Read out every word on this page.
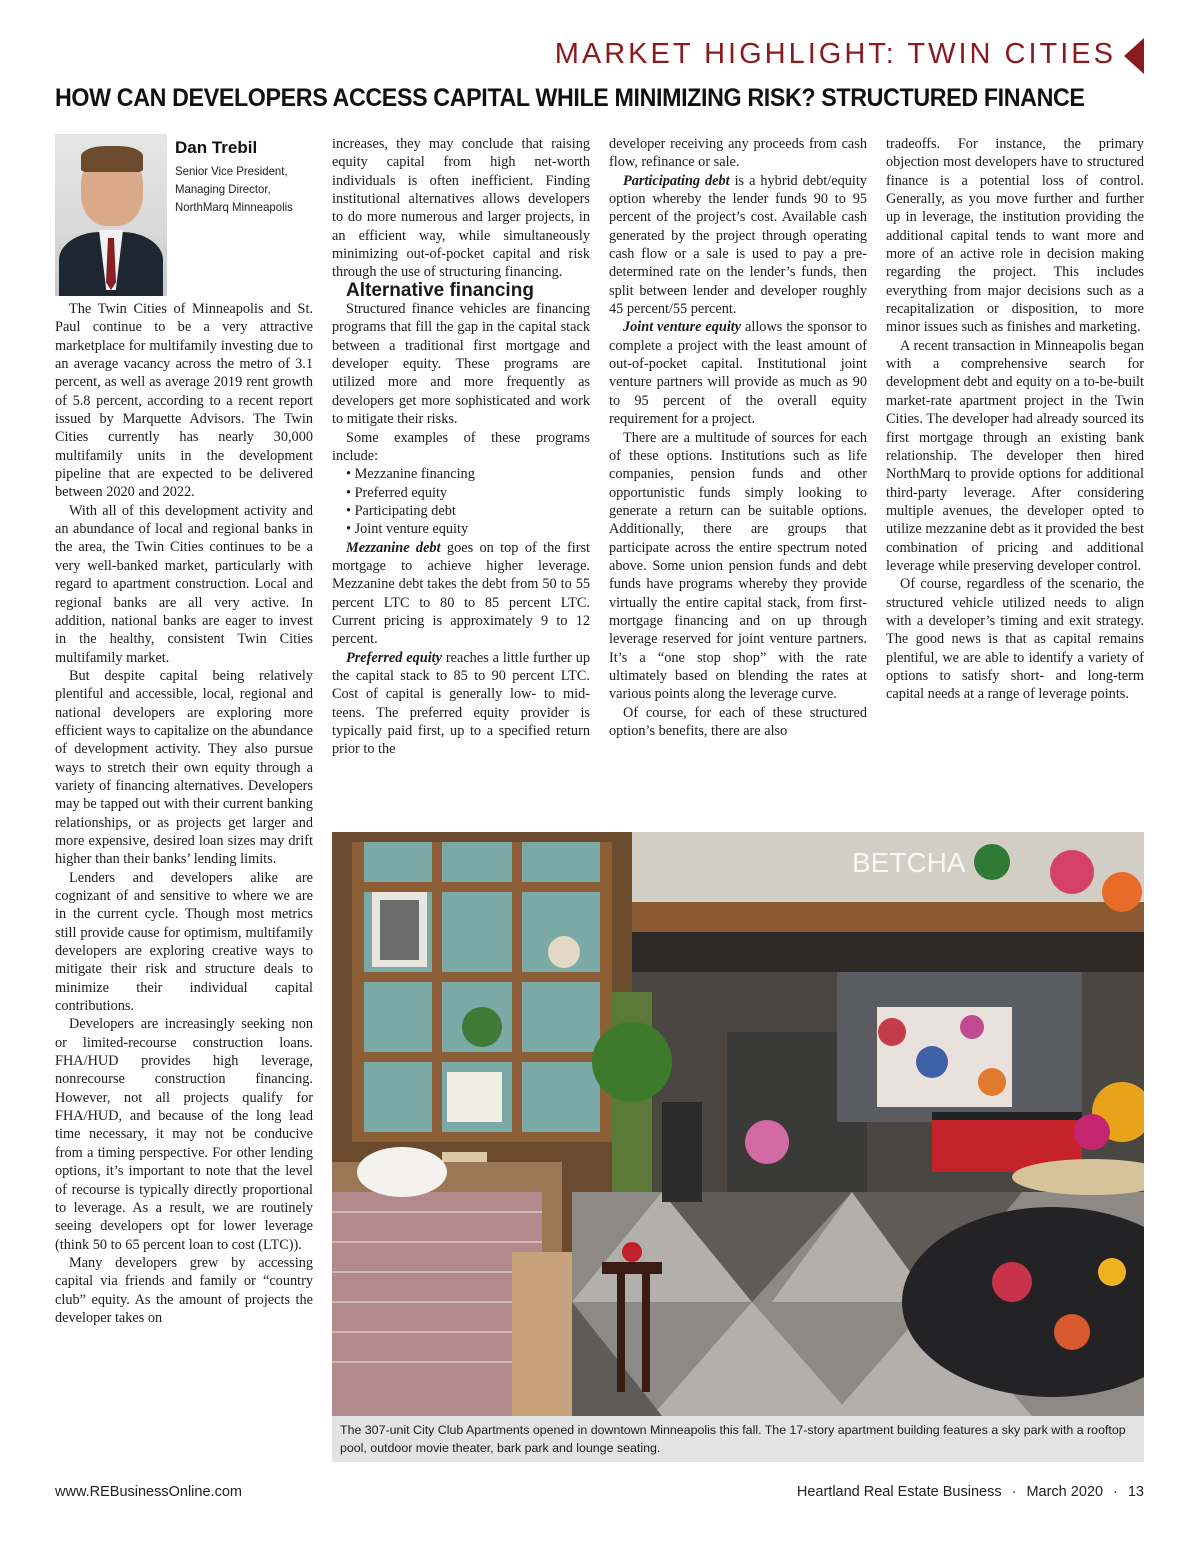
MARKET HIGHLIGHT: TWIN CITIES
HOW CAN DEVELOPERS ACCESS CAPITAL WHILE MINIMIZING RISK? STRUCTURED FINANCE
Dan Trebil
Senior Vice President,
Managing Director,
NorthMarq Minneapolis

The Twin Cities of Minneapolis and St. Paul continue to be a very attractive marketplace for multifamily investing due to an average vacancy across the metro of 3.1 percent, as well as average 2019 rent growth of 5.8 percent, according to a recent report issued by Marquette Advisors. The Twin Cities currently has nearly 30,000 multifamily units in the development pipeline that are expected to be delivered between 2020 and 2022.

With all of this development activity and an abundance of local and regional banks in the area, the Twin Cities continues to be a very well-banked market, particularly with regard to apartment construction. Local and regional banks are all very active. In addition, national banks are eager to invest in the healthy, consistent Twin Cities multifamily market.

But despite capital being relatively plentiful and accessible, local, regional and national developers are exploring more efficient ways to capitalize on the abundance of development activity. They also pursue ways to stretch their own equity through a variety of financing alternatives. Developers may be tapped out with their current banking relationships, or as projects get larger and more expensive, desired loan sizes may drift higher than their banks’ lending limits.

Lenders and developers alike are cognizant of and sensitive to where we are in the current cycle. Though most metrics still provide cause for optimism, multifamily developers are exploring creative ways to mitigate their risk and structure deals to minimize their individual capital contributions.

Developers are increasingly seeking non or limited-recourse construction loans. FHA/HUD provides high leverage, nonrecourse construction financing. However, not all projects qualify for FHA/HUD, and because of the long lead time necessary, it may not be conducive from a timing perspective. For other lending options, it’s important to note that the level of recourse is typically directly proportional to leverage. As a result, we are routinely seeing developers opt for lower leverage (think 50 to 65 percent loan to cost (LTC)).

Many developers grew by accessing capital via friends and family or “country club” equity. As the amount of projects the developer takes on

increases, they may conclude that raising equity capital from high net-worth individuals is often inefficient. Finding institutional alternatives allows developers to do more numerous and larger projects, in an efficient way, while simultaneously minimizing out-of-pocket capital and risk through the use of structuring financing.

Alternative financing

Structured finance vehicles are financing programs that fill the gap in the capital stack between a traditional first mortgage and developer equity. These programs are utilized more and more frequently as developers get more sophisticated and work to mitigate their risks.

Some examples of these programs include:

• Mezzanine financing
• Preferred equity
• Participating debt
• Joint venture equity

Mezzanine debt goes on top of the first mortgage to achieve higher leverage. Mezzanine debt takes the debt from 50 to 55 percent LTC to 80 to 85 percent LTC. Current pricing is approximately 9 to 12 percent.

Preferred equity reaches a little further up the capital stack to 85 to 90 percent LTC. Cost of capital is generally low- to mid-teens. The preferred equity provider is typically paid first, up to a specified return prior to the

developer receiving any proceeds from cash flow, refinance or sale.

Participating debt is a hybrid debt/equity option whereby the lender funds 90 to 95 percent of the project’s cost. Available cash generated by the project through operating cash flow or a sale is used to pay a pre-determined rate on the lender’s funds, then split between lender and developer roughly 45 percent/55 percent.

Joint venture equity allows the sponsor to complete a project with the least amount of out-of-pocket capital. Institutional joint venture partners will provide as much as 90 to 95 percent of the overall equity requirement for a project.

There are a multitude of sources for each of these options. Institutions such as life companies, pension funds and other opportunistic funds simply looking to generate a return can be suitable options. Additionally, there are groups that participate across the entire spectrum noted above. Some union pension funds and debt funds have programs whereby they provide virtually the entire capital stack, from first-mortgage financing and on up through leverage reserved for joint venture partners. It’s a “one stop shop” with the rate ultimately based on blending the rates at various points along the leverage curve.

Of course, for each of these structured option’s benefits, there are also

tradeoffs. For instance, the primary objection most developers have to structured finance is a potential loss of control. Generally, as you move further and further up in leverage, the institution providing the additional capital tends to want more and more of an active role in decision making regarding the project. This includes everything from major decisions such as a recapitalization or disposition, to more minor issues such as finishes and marketing.

A recent transaction in Minneapolis began with a comprehensive search for development debt and equity on a to-be-built market-rate apartment project in the Twin Cities. The developer had already sourced its first mortgage through an existing bank relationship. The developer then hired NorthMarq to provide options for additional third-party leverage. After considering multiple avenues, the developer opted to utilize mezzanine debt as it provided the best combination of pricing and additional leverage while preserving developer control.

Of course, regardless of the scenario, the structured vehicle utilized needs to align with a developer’s timing and exit strategy. The good news is that as capital remains plentiful, we are able to identify a variety of options to satisfy short- and long-term capital needs at a range of leverage points.

BETCHA
The 307-unit City Club Apartments opened in downtown Minneapolis this fall. The 17-story apartment building features a sky park with a rooftop pool, outdoor movie theater, bark park and lounge seating.
www.REBusinessOnline.com	Heartland Real Estate Business · March 2020 · 13
